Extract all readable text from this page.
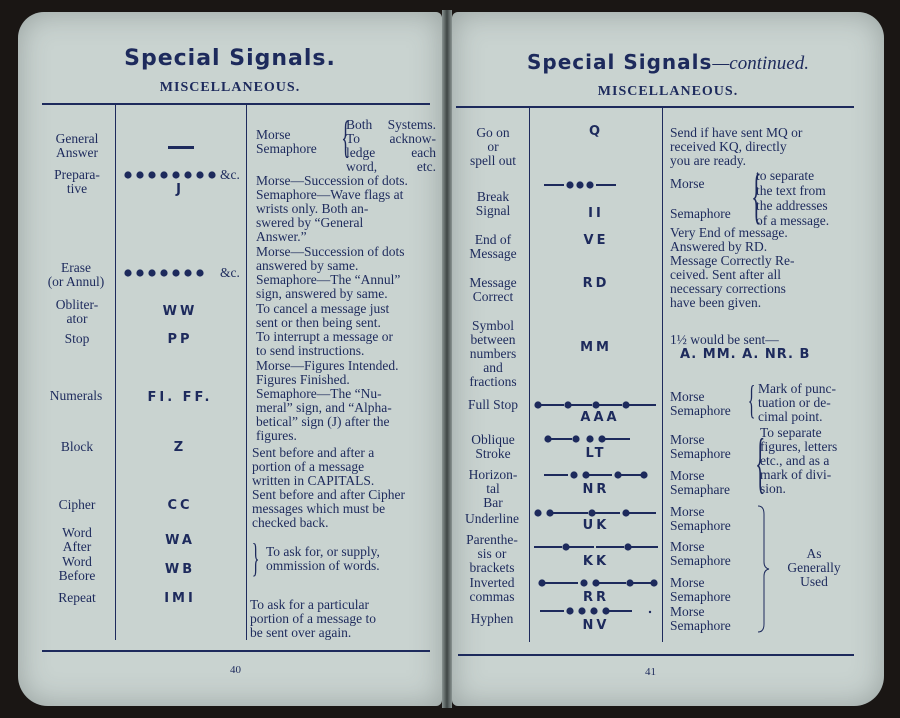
Special Signals.
MISCELLANEOUS.
40
General
Answer
Prepara-
tive
Erase
(or Annul)
Obliter-
ator
Stop
Numerals
Block
Cipher
Word
After
Word
Before
Repeat
&c.
J
&c.
WW
PP
FI. FF.
Z
CC
WA
WB
IMI
Morse
Semaphore {
Both Systems.
To acknow-
ledge each
word, etc.
Morse—Succession of dots.
Semaphore—Wave flags at
wrists only. Both an-
swered by “General
Answer.”
Morse—Succession of dots
answered by same.
Semaphore—The “Annul”
sign, answered by same.
To cancel a message just
sent or then being sent.
To interrupt a message or
to send instructions.
Morse—Figures Intended.
Figures Finished.
Semaphore—The “Nu-
meral” sign, and “Alpha-
betical” sign (J) after the
figures.
Sent before and after a
portion of a message
written in CAPITALS.
Sent before and after Cipher
messages which must be
checked back.
} To ask for, or supply,
ommission of words.
To ask for a particular
portion of a message to
be sent over again.
Special Signals—continued.
MISCELLANEOUS.
41
Go on
or
spell out
Break
Signal
End of
Message
Message
Correct
Symbol
between
numbers
and
fractions
Full Stop
Oblique
Stroke
Horizon-
tal
Bar
Underline
Parenthe-
sis or
brackets
Inverted
commas
Hyphen
Q
II
VE
RD
MM
AAA
LT
NR
UK
KK
RR
NV
Send if have sent MQ or
received KQ, directly
you are ready.
Morse

Semaphore {
to separate
the text from
the addresses
of a message.
Very End of message.
Answered by RD.
Message Correctly Re-
ceived. Sent after all
necessary corrections
have been given.
1½ would be sent—
A. MM. A. NR. B
Morse
Semaphore { Mark of punc-
tuation or de-
cimal point.
Morse
Semaphore
Morse
Semaphare {
To separate
figures, letters
etc., and as a
mark of divi-
sion.
Morse
Semaphore
Morse
Semaphore
Morse
Semaphore
Morse
Semaphore
As
Generally
Used
